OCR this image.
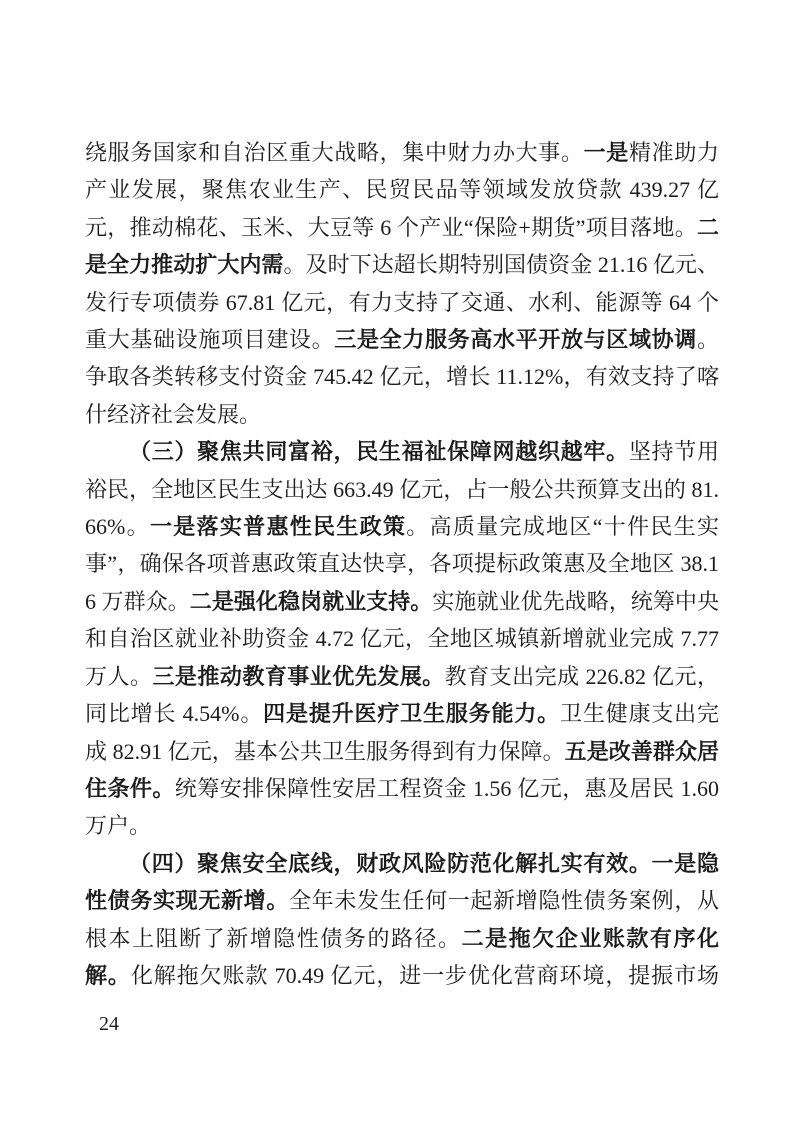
绕服务国家和自治区重大战略，集中财力办大事。一是精准助力产业发展，聚焦农业生产、民贸民品等领域发放贷款 439.27 亿元，推动棉花、玉米、大豆等 6 个产业“保险+期货”项目落地。二是全力推动扩大内需。及时下达超长期特别国债资金 21.16 亿元、发行专项债券 67.81 亿元，有力支持了交通、水利、能源等 64 个重大基础设施项目建设。三是全力服务高水平开放与区域协调。争取各类转移支付资金 745.42 亿元，增长 11.12%，有效支持了喀什经济社会发展。

（三）聚焦共同富裕，民生福祉保障网越织越牢。坚持节用裕民，全地区民生支出达 663.49 亿元，占一般公共预算支出的 81.66%。一是落实普惠性民生政策。高质量完成地区“十件民生实事”，确保各项普惠政策直达快享，各项提标政策惠及全地区 38.16 万群众。二是强化稳岗就业支持。实施就业优先战略，统筹中央和自治区就业补助资金 4.72 亿元，全地区城镇新增就业完成 7.77 万人。三是推动教育事业优先发展。教育支出完成 226.82 亿元，同比增长 4.54%。四是提升医疗卫生服务能力。卫生健康支出完成 82.91 亿元，基本公共卫生服务得到有力保障。五是改善群众居住条件。统筹安排保障性安居工程资金 1.56 亿元，惠及居民 1.60 万户。

（四）聚焦安全底线，财政风险防范化解扎实有效。一是隐性债务实现无新增。全年未发生任何一起新增隐性债务案例，从根本上阻断了新增隐性债务的路径。二是拖欠企业账款有序化解。化解拖欠账款 70.49 亿元，进一步优化营商环境，提振市场

24
